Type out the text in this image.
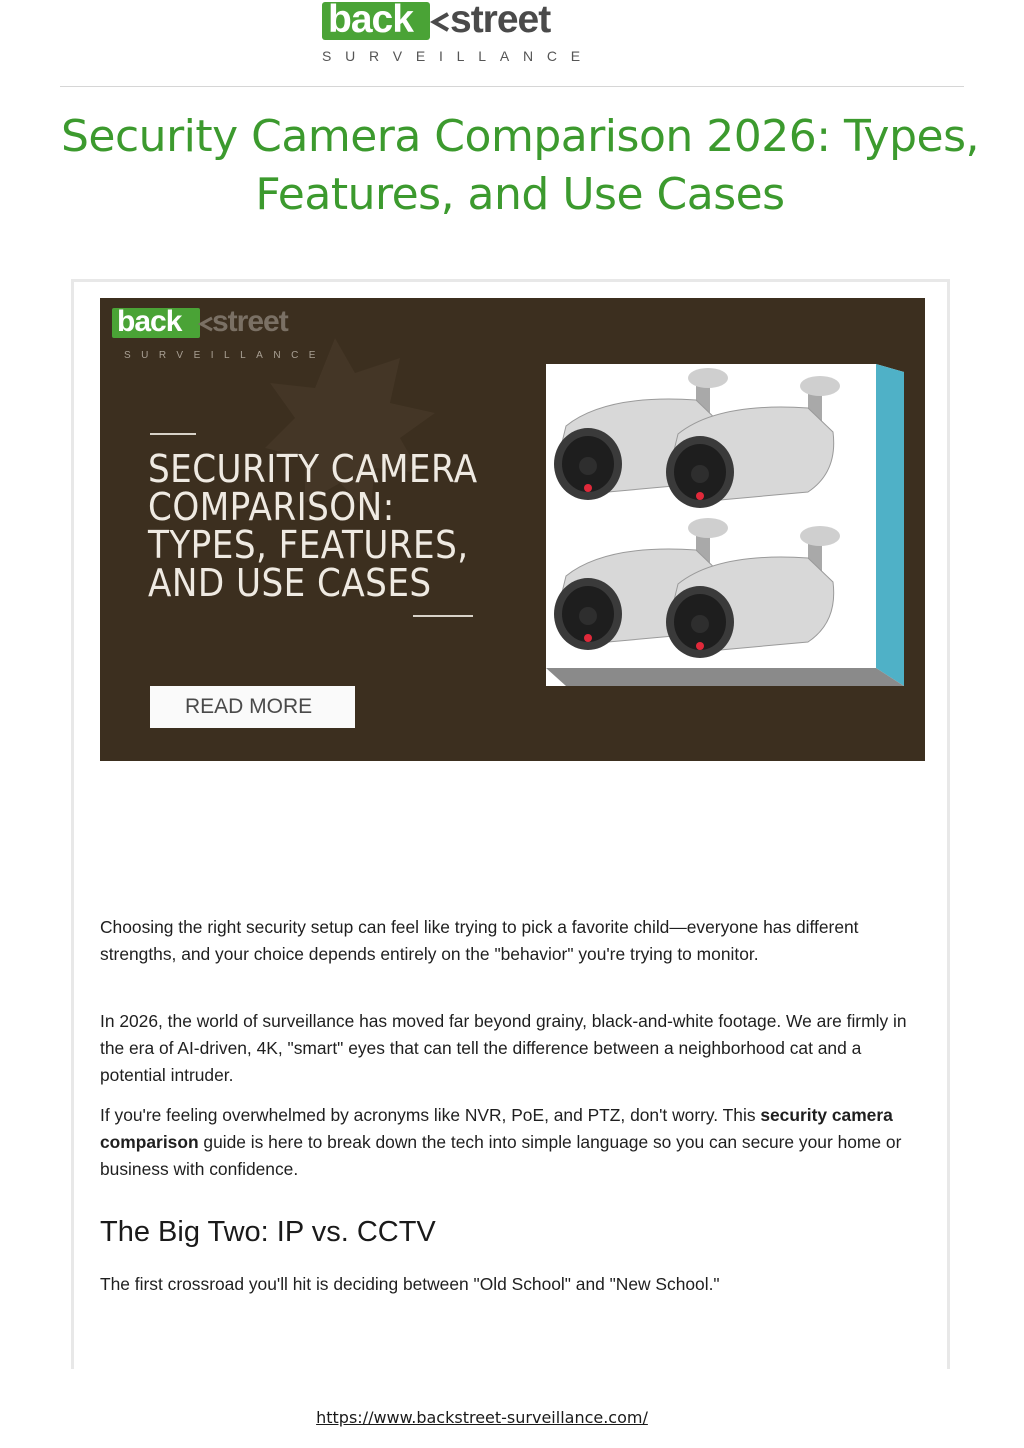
back street
SURVEILLANCE
Security Camera Comparison 2026: Types,
Features, and Use Cases
back street
SURVEILLANCE
SECURITY CAMERA
COMPARISON:
TYPES, FEATURES,
AND USE CASES
READ MORE

Choosing the right security setup can feel like trying to pick a favorite child—everyone has different strengths, and your choice depends entirely on the "behavior" you're trying to monitor.

In 2026, the world of surveillance has moved far beyond grainy, black-and-white footage. We are firmly in the era of AI-driven, 4K, "smart" eyes that can tell the difference between a neighborhood cat and a potential intruder.

If you're feeling overwhelmed by acronyms like NVR, PoE, and PTZ, don't worry. This security camera comparison guide is here to break down the tech into simple language so you can secure your home or business with confidence.

The Big Two: IP vs. CCTV

The first crossroad you'll hit is deciding between "Old School" and "New School."

https://www.backstreet-surveillance.com/
